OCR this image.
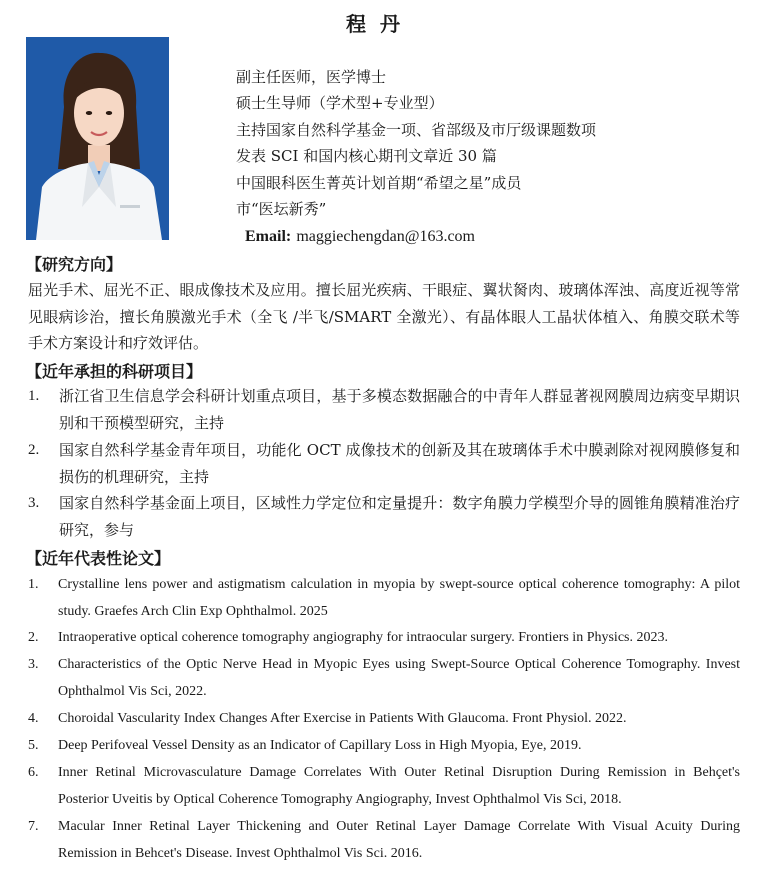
程丹
副主任医师，医学博士
硕士生导师（学术型+专业型）
主持国家自然科学基金一项、省部级及市厅级课题数项
发表 SCI 和国内核心期刊文章近 30 篇
中国眼科医生菁英计划首期“希望之星”成员
市“医坛新秀”
Email: maggiechengdan@163.com
【研究方向】
屈光手术、屈光不正、眼成像技术及应用。擅长屈光疾病、干眼症、翼状胬肉、玻璃体浑浊、高度近视等常见眼病诊治，擅长角膜激光手术（全飞 /半飞/SMART 全激光）、有晶体眼人工晶状体植入、角膜交联术等手术方案设计和疗效评估。
【近年承担的科研项目】
1. 浙江省卫生信息学会科研计划重点项目，基于多模态数据融合的中青年人群显著视网膜周边病变早期识别和干预模型研究，主持
2. 国家自然科学基金青年项目，功能化 OCT 成像技术的创新及其在玻璃体手术中膜剥除对视网膜修复和损伤的机理研究，主持
3. 国家自然科学基金面上项目，区域性力学定位和定量提升：数字角膜力学模型介导的圆锥角膜精准治疗研究，参与
【近年代表性论文】
1. Crystalline lens power and astigmatism calculation in myopia by swept-source optical coherence tomography: A pilot study. Graefes Arch Clin Exp Ophthalmol. 2025
2. Intraoperative optical coherence tomography angiography for intraocular surgery. Frontiers in Physics. 2023.
3. Characteristics of the Optic Nerve Head in Myopic Eyes using Swept-Source Optical Coherence Tomography. Invest Ophthalmol Vis Sci, 2022.
4. Choroidal Vascularity Index Changes After Exercise in Patients With Glaucoma. Front Physiol. 2022.
5. Deep Perifoveal Vessel Density as an Indicator of Capillary Loss in High Myopia, Eye, 2019.
6. Inner Retinal Microvasculature Damage Correlates With Outer Retinal Disruption During Remission in Behçet's Posterior Uveitis by Optical Coherence Tomography Angiography, Invest Ophthalmol Vis Sci, 2018.
7. Macular Inner Retinal Layer Thickening and Outer Retinal Layer Damage Correlate With Visual Acuity During Remission in Behcet's Disease. Invest Ophthalmol Vis Sci. 2016.
